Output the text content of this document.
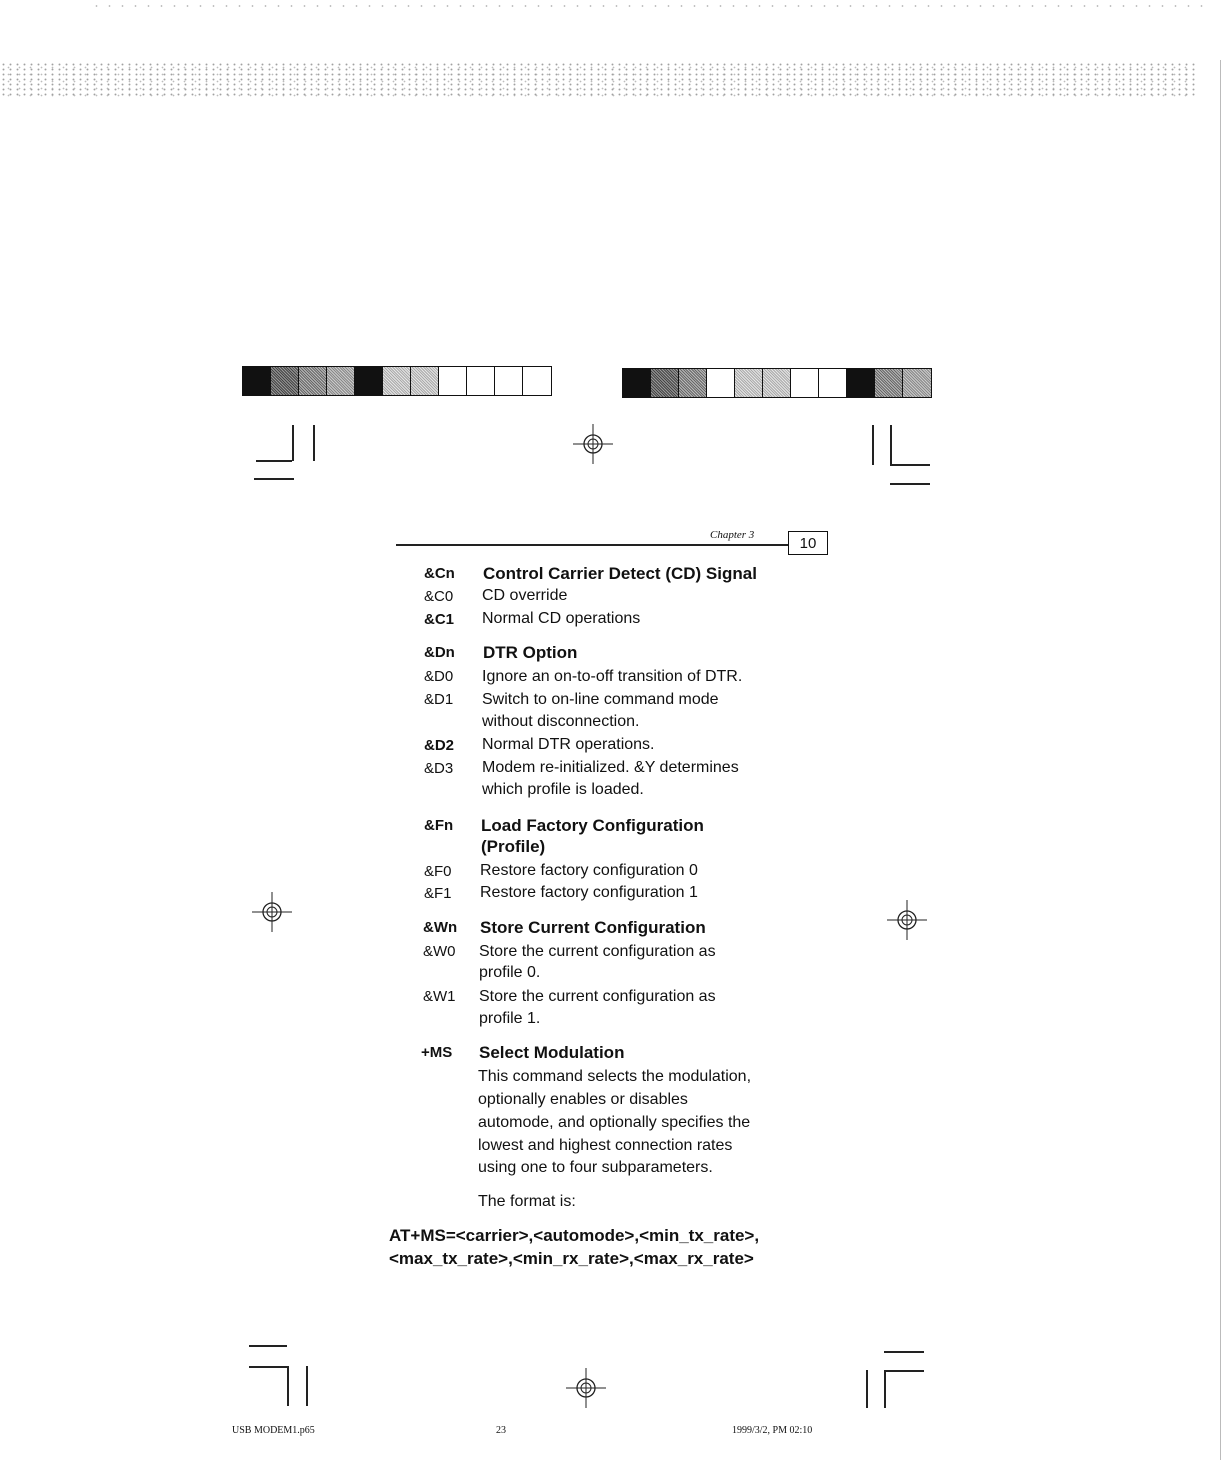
Chapter 3	10
&Cn Control Carrier Detect (CD) Signal
&C0 CD override
&C1 Normal CD operations
&Dn DTR Option
&D0 Ignore an on-to-off transition of DTR.
&D1 Switch to on-line command mode
without disconnection.
&D2 Normal DTR operations.
&D3 Modem re-initialized. &Y determines
which profile is loaded.
&Fn Load Factory Configuration
(Profile)
&F0 Restore factory configuration 0
&F1 Restore factory configuration 1
&Wn Store Current Configuration
&W0 Store the current configuration as
profile 0.
&W1 Store the current configuration as
profile 1.
+MS Select Modulation
This command selects the modulation,
optionally enables or disables
automode, and optionally specifies the
lowest and highest connection rates
using one to four subparameters.
The format is:
AT+MS=<carrier>,<automode>,<min_tx_rate>,
<max_tx_rate>,<min_rx_rate>,<max_rx_rate>
USB MODEM1.p65	23	1999/3/2, PM 02:10
